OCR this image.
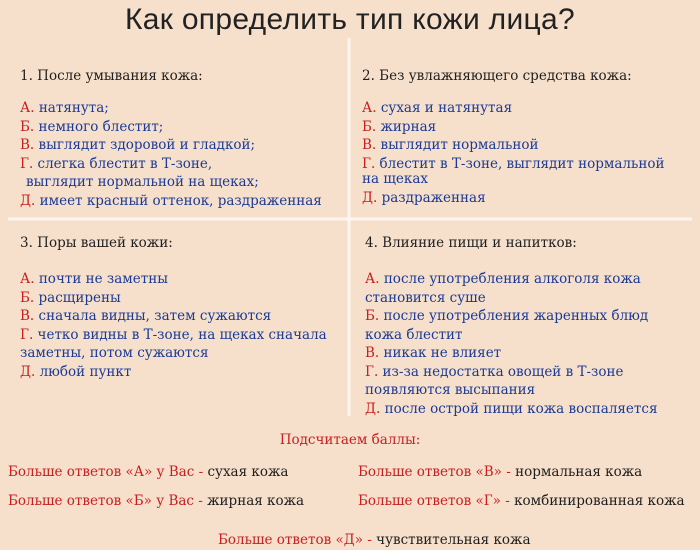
Как определить тип кожи лица?
1. После умывания кожа:
А. натянута;
Б. немного блестит;
В. выглядит здоровой и гладкой;
Г. слегка блестит в Т-зоне,
выглядит нормальной на щеках;
Д. имеет красный оттенок, раздраженная
2. Без увлажняющего средства кожа:
А. сухая и натянутая
Б. жирная
В. выглядит нормальной
Г. блестит в Т-зоне, выглядит нормальной
на щеках
Д. раздраженная
3. Поры вашей кожи:
А. почти не заметны
Б. расщирены
В. сначала видны, затем сужаются
Г. четко видны в Т-зоне, на щеках сначала
заметны, потом сужаются
Д. любой пункт
4. Влияние пищи и напитков:
А. после употребления алкоголя кожа
становится суше
Б. после употребления жаренных блюд
кожа блестит
В. никак не влияет
Г. из-за недостатка овощей в Т-зоне
появляются высыпания
Д. после острой пищи кожа воспаляется
Подсчитаем баллы:
Больше ответов «А» у Вас - сухая кожа	Больше ответов «В» - нормальная кожа
Больше ответов «Б» у Вас - жирная кожа	Больше ответов «Г» - комбинированная кожа
Больше ответов «Д» - чувствительная кожа
